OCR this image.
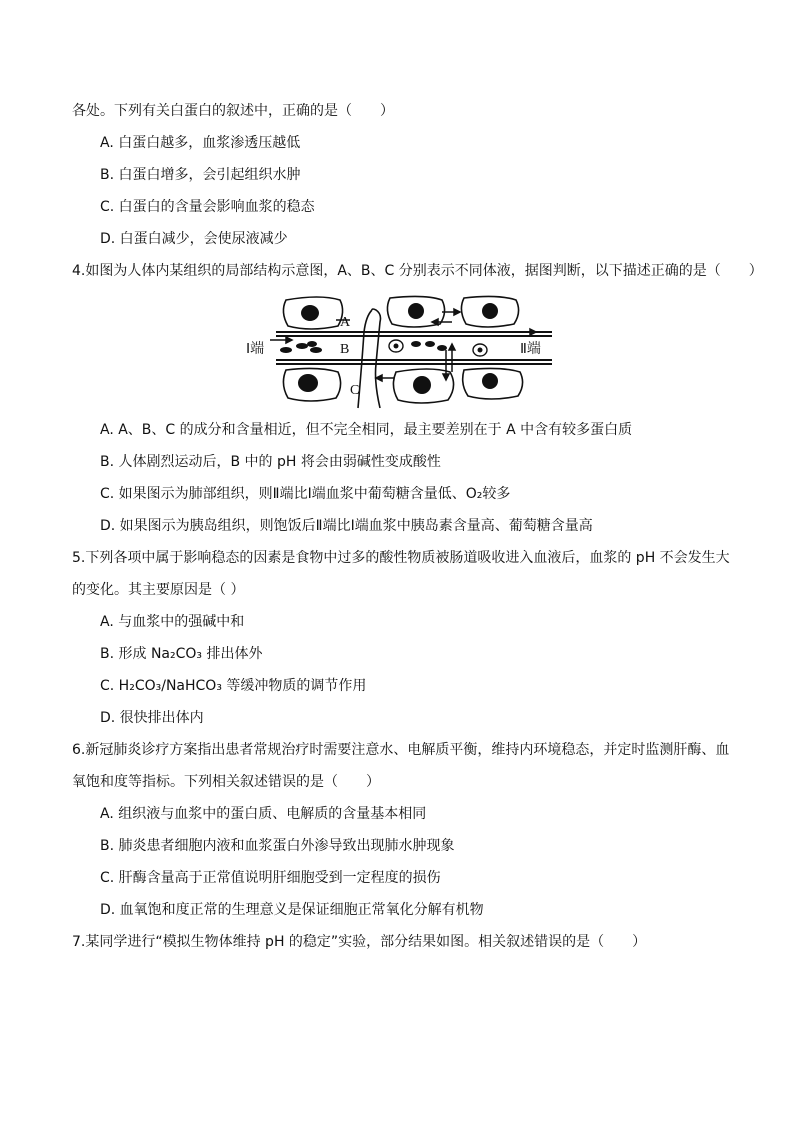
各处。下列有关白蛋白的叙述中，正确的是（　　）
A. 白蛋白越多，血浆渗透压越低
B. 白蛋白增多，会引起组织水肿
C. 白蛋白的含量会影响血浆的稳态
D. 白蛋白减少，会使尿液减少
4.如图为人体内某组织的局部结构示意图，A、B、C 分别表示不同体液，据图判断，以下描述正确的是（　　）
Ⅰ端	Ⅱ端
A
B
C
A. A、B、C 的成分和含量相近，但不完全相同，最主要差别在于 A 中含有较多蛋白质
B. 人体剧烈运动后，B 中的 pH 将会由弱碱性变成酸性
C. 如果图示为肺部组织，则Ⅱ端比Ⅰ端血浆中葡萄糖含量低、O₂较多
D. 如果图示为胰岛组织，则饱饭后Ⅱ端比Ⅰ端血浆中胰岛素含量高、葡萄糖含量高
5.下列各项中属于影响稳态的因素是食物中过多的酸性物质被肠道吸收进入血液后，血浆的 pH 不会发生大
的变化。其主要原因是（ ）
A. 与血浆中的强碱中和
B. 形成 Na₂CO₃ 排出体外
C. H₂CO₃/NaHCO₃ 等缓冲物质的调节作用
D. 很快排出体内
6.新冠肺炎诊疗方案指出患者常规治疗时需要注意水、电解质平衡，维持内环境稳态，并定时监测肝酶、血
氧饱和度等指标。下列相关叙述错误的是（　　）
A. 组织液与血浆中的蛋白质、电解质的含量基本相同
B. 肺炎患者细胞内液和血浆蛋白外渗导致出现肺水肿现象
C. 肝酶含量高于正常值说明肝细胞受到一定程度的损伤
D. 血氧饱和度正常的生理意义是保证细胞正常氧化分解有机物
7.某同学进行“模拟生物体维持 pH 的稳定”实验，部分结果如图。相关叙述错误的是（　　）
